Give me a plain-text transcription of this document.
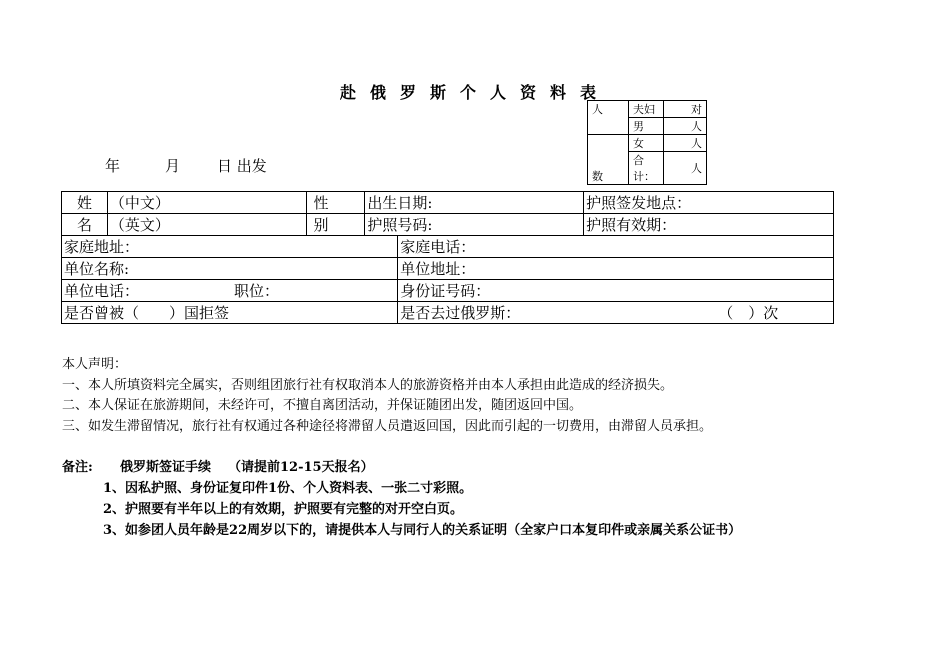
赴俄罗斯个人资料表
年	月 日 出发
人	夫妇	对
	男	人
数	女	人
	合计：	人
姓	（中文）	性	出生日期:		护照签发地点：
名	（英文）	别	护照号码:		护照有效期：
家庭地址：				家庭电话：	
单位名称:				单位地址：	
单位电话： 职位：				身份证号码：	
是否曾被（　　）国拒签				是否去过俄罗斯： （　）次	
本人声明：
一、本人所填资料完全属实，否则组团旅行社有权取消本人的旅游资格并由本人承担由此造成的经济损失。
二、本人保证在旅游期间，未经许可，不擅自离团活动，并保证随团出发，随团返回中国。
三、如发生滞留情况，旅行社有权通过各种途径将滞留人员遣返回国，因此而引起的一切费用，由滞留人员承担。
备注: 俄罗斯签证手续 （请提前12-15天报名）
1、因私护照、身份证复印件1份、个人资料表、一张二寸彩照。
2、护照要有半年以上的有效期，护照要有完整的对开空白页。
3、如参团人员年龄是22周岁以下的，请提供本人与同行人的关系证明（全家户口本复印件或亲属关系公证书）
